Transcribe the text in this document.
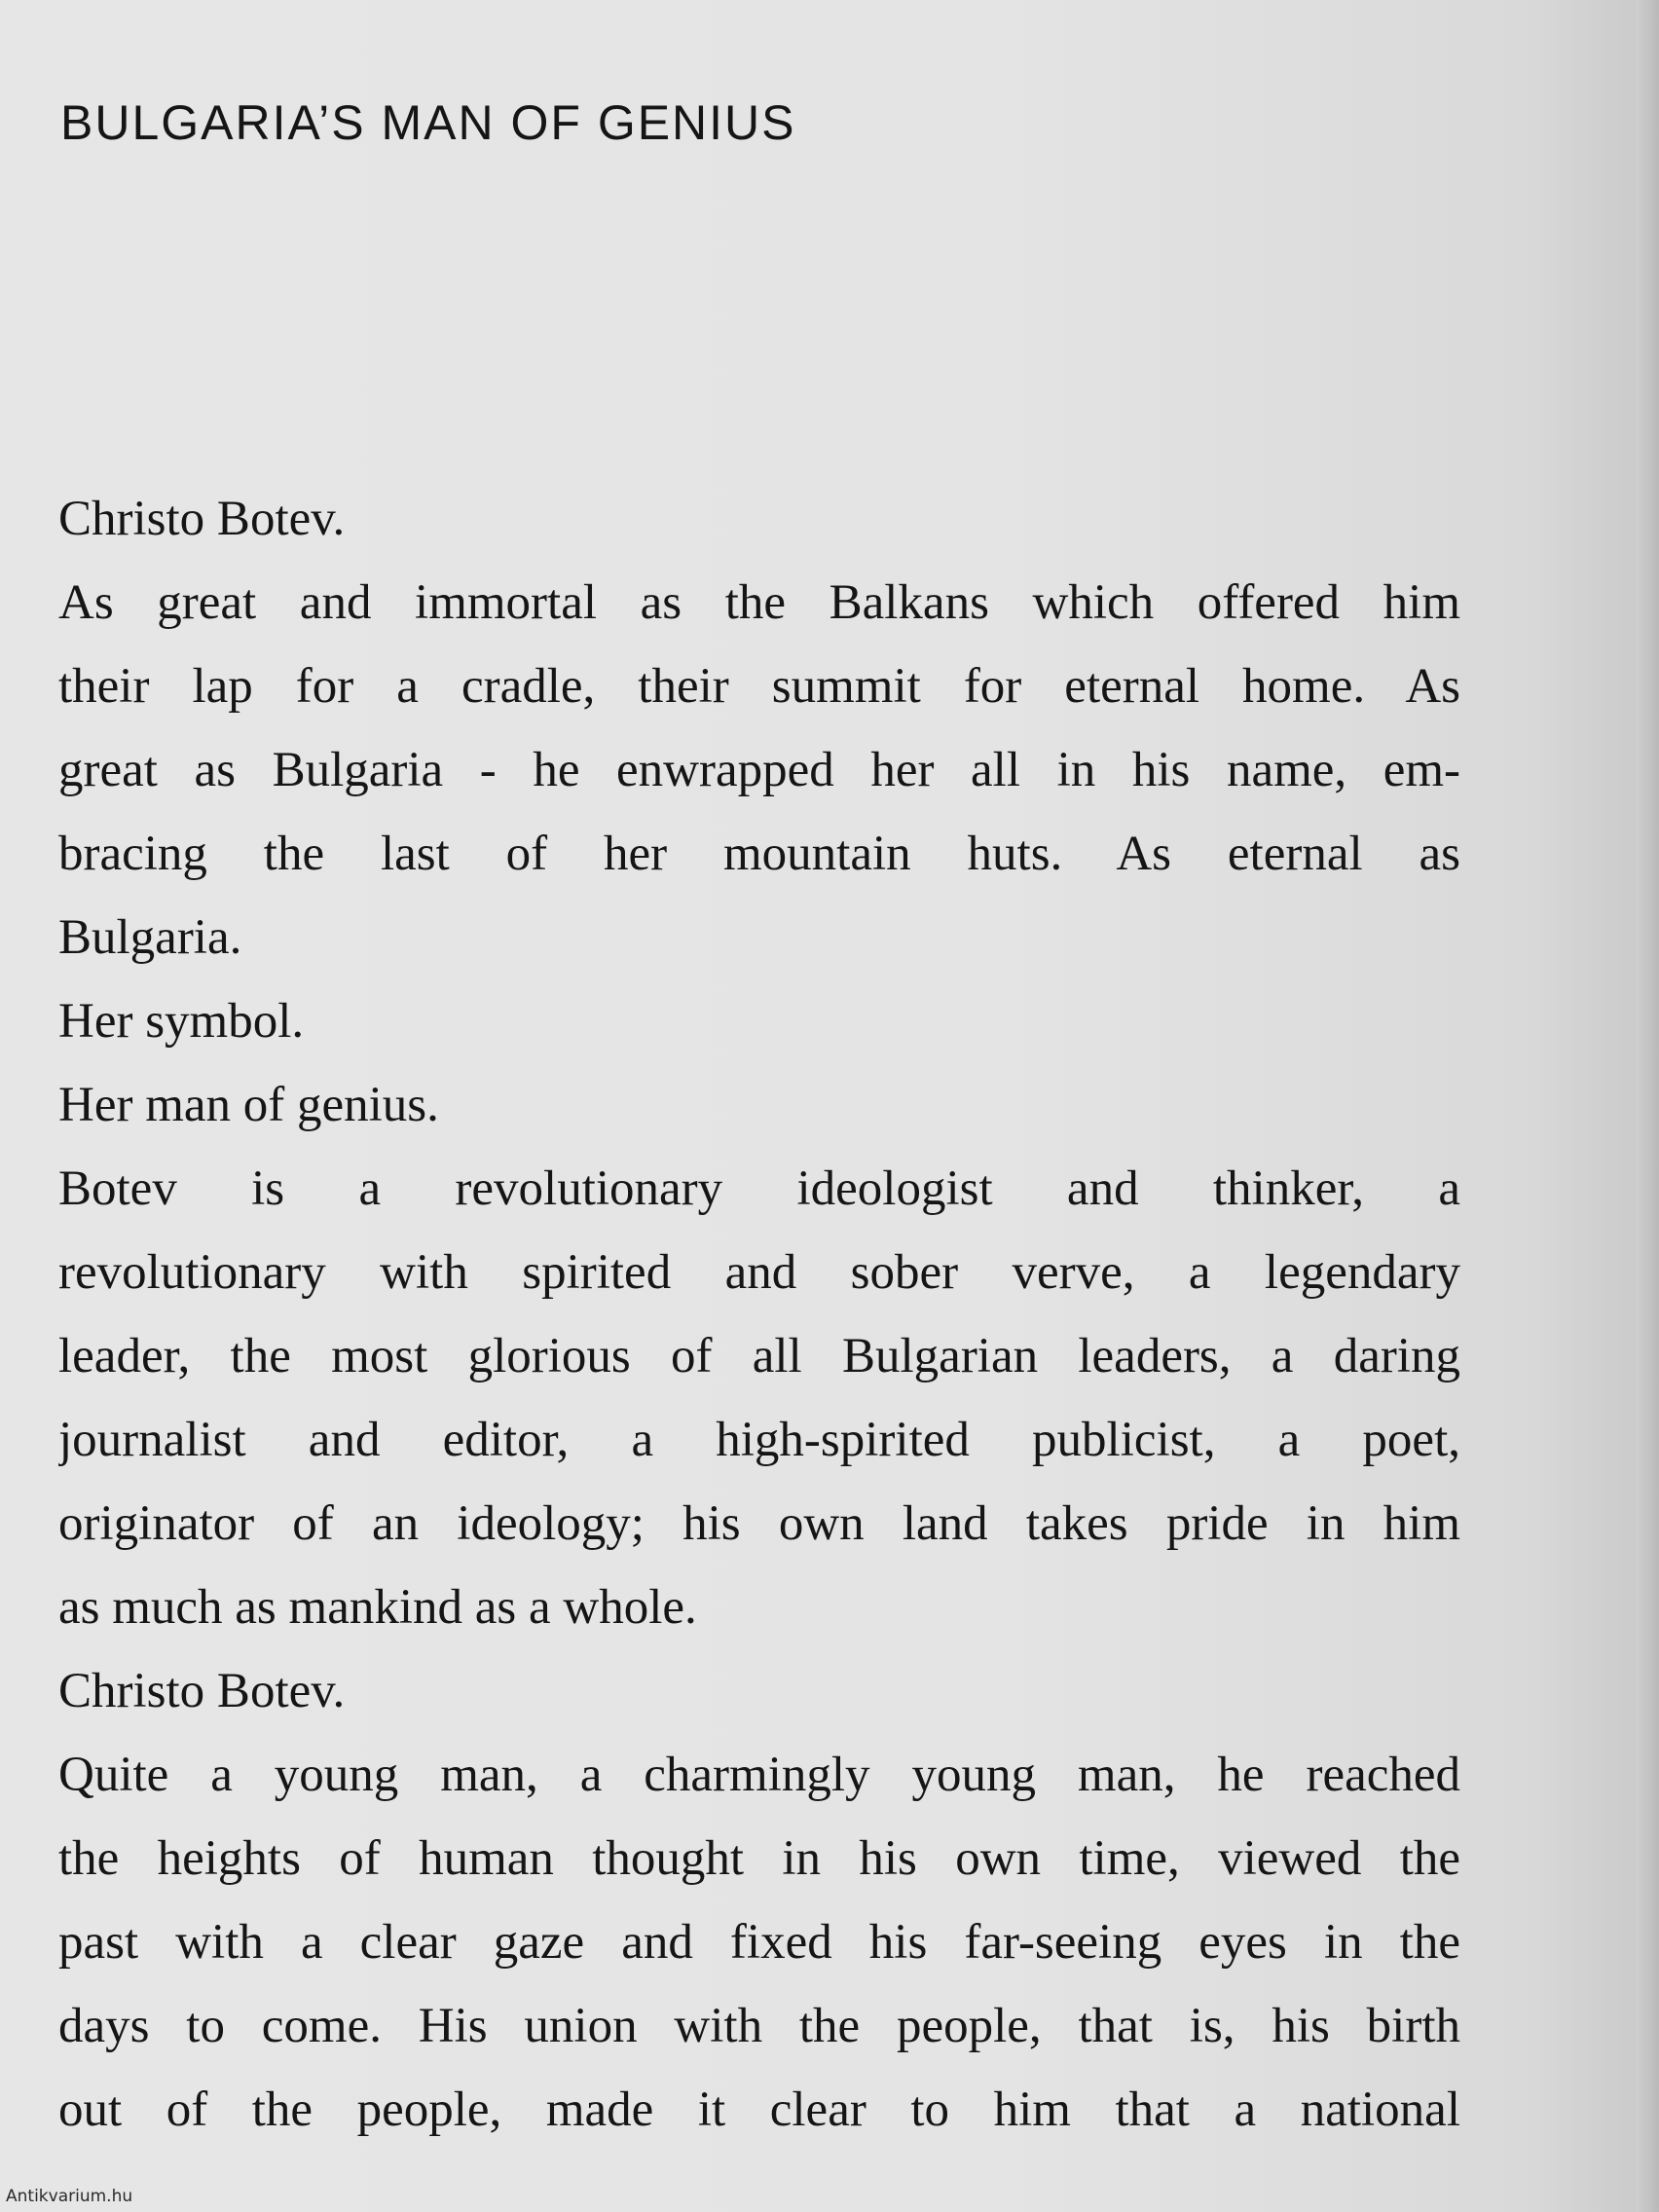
BULGARIA’S MAN OF GENIUS
Christo Botev.
As great and immortal as the Balkans which offered him
their lap for a cradle, their summit for eternal home. As
great as Bulgaria - he enwrapped her all in his name, em-
bracing the last of her mountain huts. As eternal as
Bulgaria.
Her symbol.
Her man of genius.
Botev is a revolutionary ideologist and thinker, a
revolutionary with spirited and sober verve, a legendary
leader, the most glorious of all Bulgarian leaders, a daring
journalist and editor, a high-spirited publicist, a poet,
originator of an ideology; his own land takes pride in him
as much as mankind as a whole.
Christo Botev.
Quite a young man, a charmingly young man, he reached
the heights of human thought in his own time, viewed the
past with a clear gaze and fixed his far-seeing eyes in the
days to come. His union with the people, that is, his birth
out of the people, made it clear to him that a national
Antikvarium.hu
